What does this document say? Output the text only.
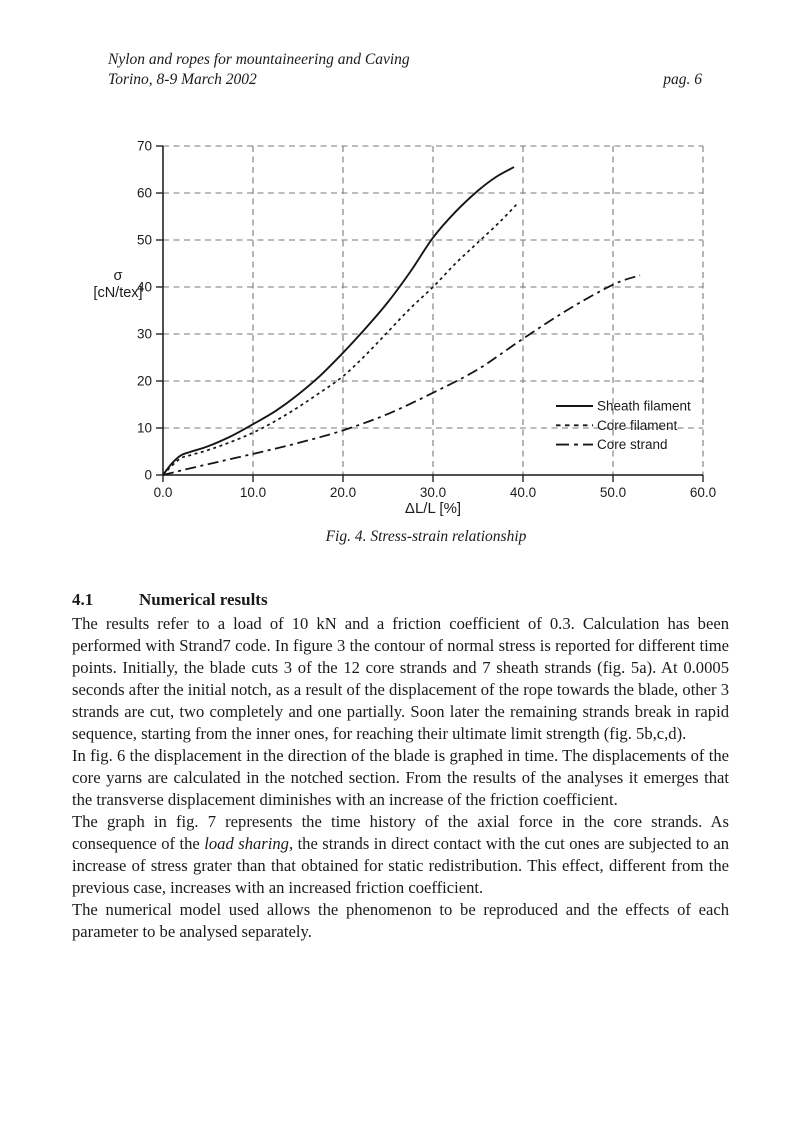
Nylon and ropes for mountaineering and Caving
Torino, 8-9 March 2002	pag. 6
0
10
20
30
40
50
60
70
0.0	10.0	20.0	30.0	40.0	50.0	60.0
σ
[cN/tex]
ΔL/L [%]
Sheath filament
Core filament
Core strand
Fig. 4. Stress-strain relationship
4.1	Numerical results

The results refer to a load of 10 kN and a friction coefficient of 0.3. Calculation has been performed with Strand7 code. In figure 3 the contour of normal stress is reported for different time points. Initially, the blade cuts 3 of the 12 core strands and 7 sheath strands (fig. 5a). At 0.0005 seconds after the initial notch, as a result of the displacement of the rope towards the blade, other 3 strands are cut, two completely and one partially. Soon later the remaining strands break in rapid sequence, starting from the inner ones, for reaching their ultimate limit strength (fig. 5b,c,d).

In fig. 6 the displacement in the direction of the blade is graphed in time. The displacements of the core yarns are calculated in the notched section. From the results of the analyses it emerges that the transverse displacement diminishes with an increase of the friction coefficient.

The graph in fig. 7 represents the time history of the axial force in the core strands. As consequence of the load sharing, the strands in direct contact with the cut ones are subjected to an increase of stress grater than that obtained for static redistribution. This effect, different from the previous case, increases with an increased friction coefficient.

The numerical model used allows the phenomenon to be reproduced and the effects of each parameter to be analysed separately.
